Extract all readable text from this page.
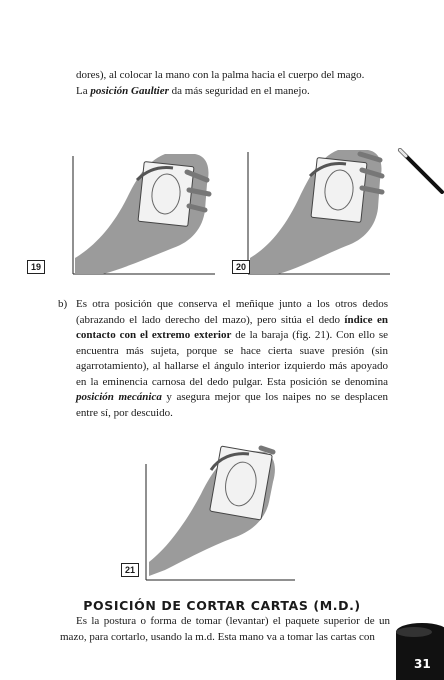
dores), al colocar la mano con la palma hacia el cuerpo del mago.
La posición Gaultier da más seguridad en el manejo.
19	20
b) Es otra posición que conserva el meñique junto a los otros dedos (abrazando el lado derecho del mazo), pero sitúa el dedo índice en contacto con el extremo exterior de la baraja (fig. 21). Con ello se encuentra más sujeta, porque se hace cierta suave presión (sin agarrotamiento), al hallarse el ángulo interior izquierdo más apoyado en la eminencia carnosa del dedo pulgar. Esta posición se denomina posición mecánica y asegura mejor que los naipes no se desplacen entre sí, por descuido.
21
POSICIÓN DE CORTAR CARTAS (M.D.)
Es la postura o forma de tomar (levantar) el paquete superior de un mazo, para cortarlo, usando la m.d. Esta mano va a tomar las cartas con
31
